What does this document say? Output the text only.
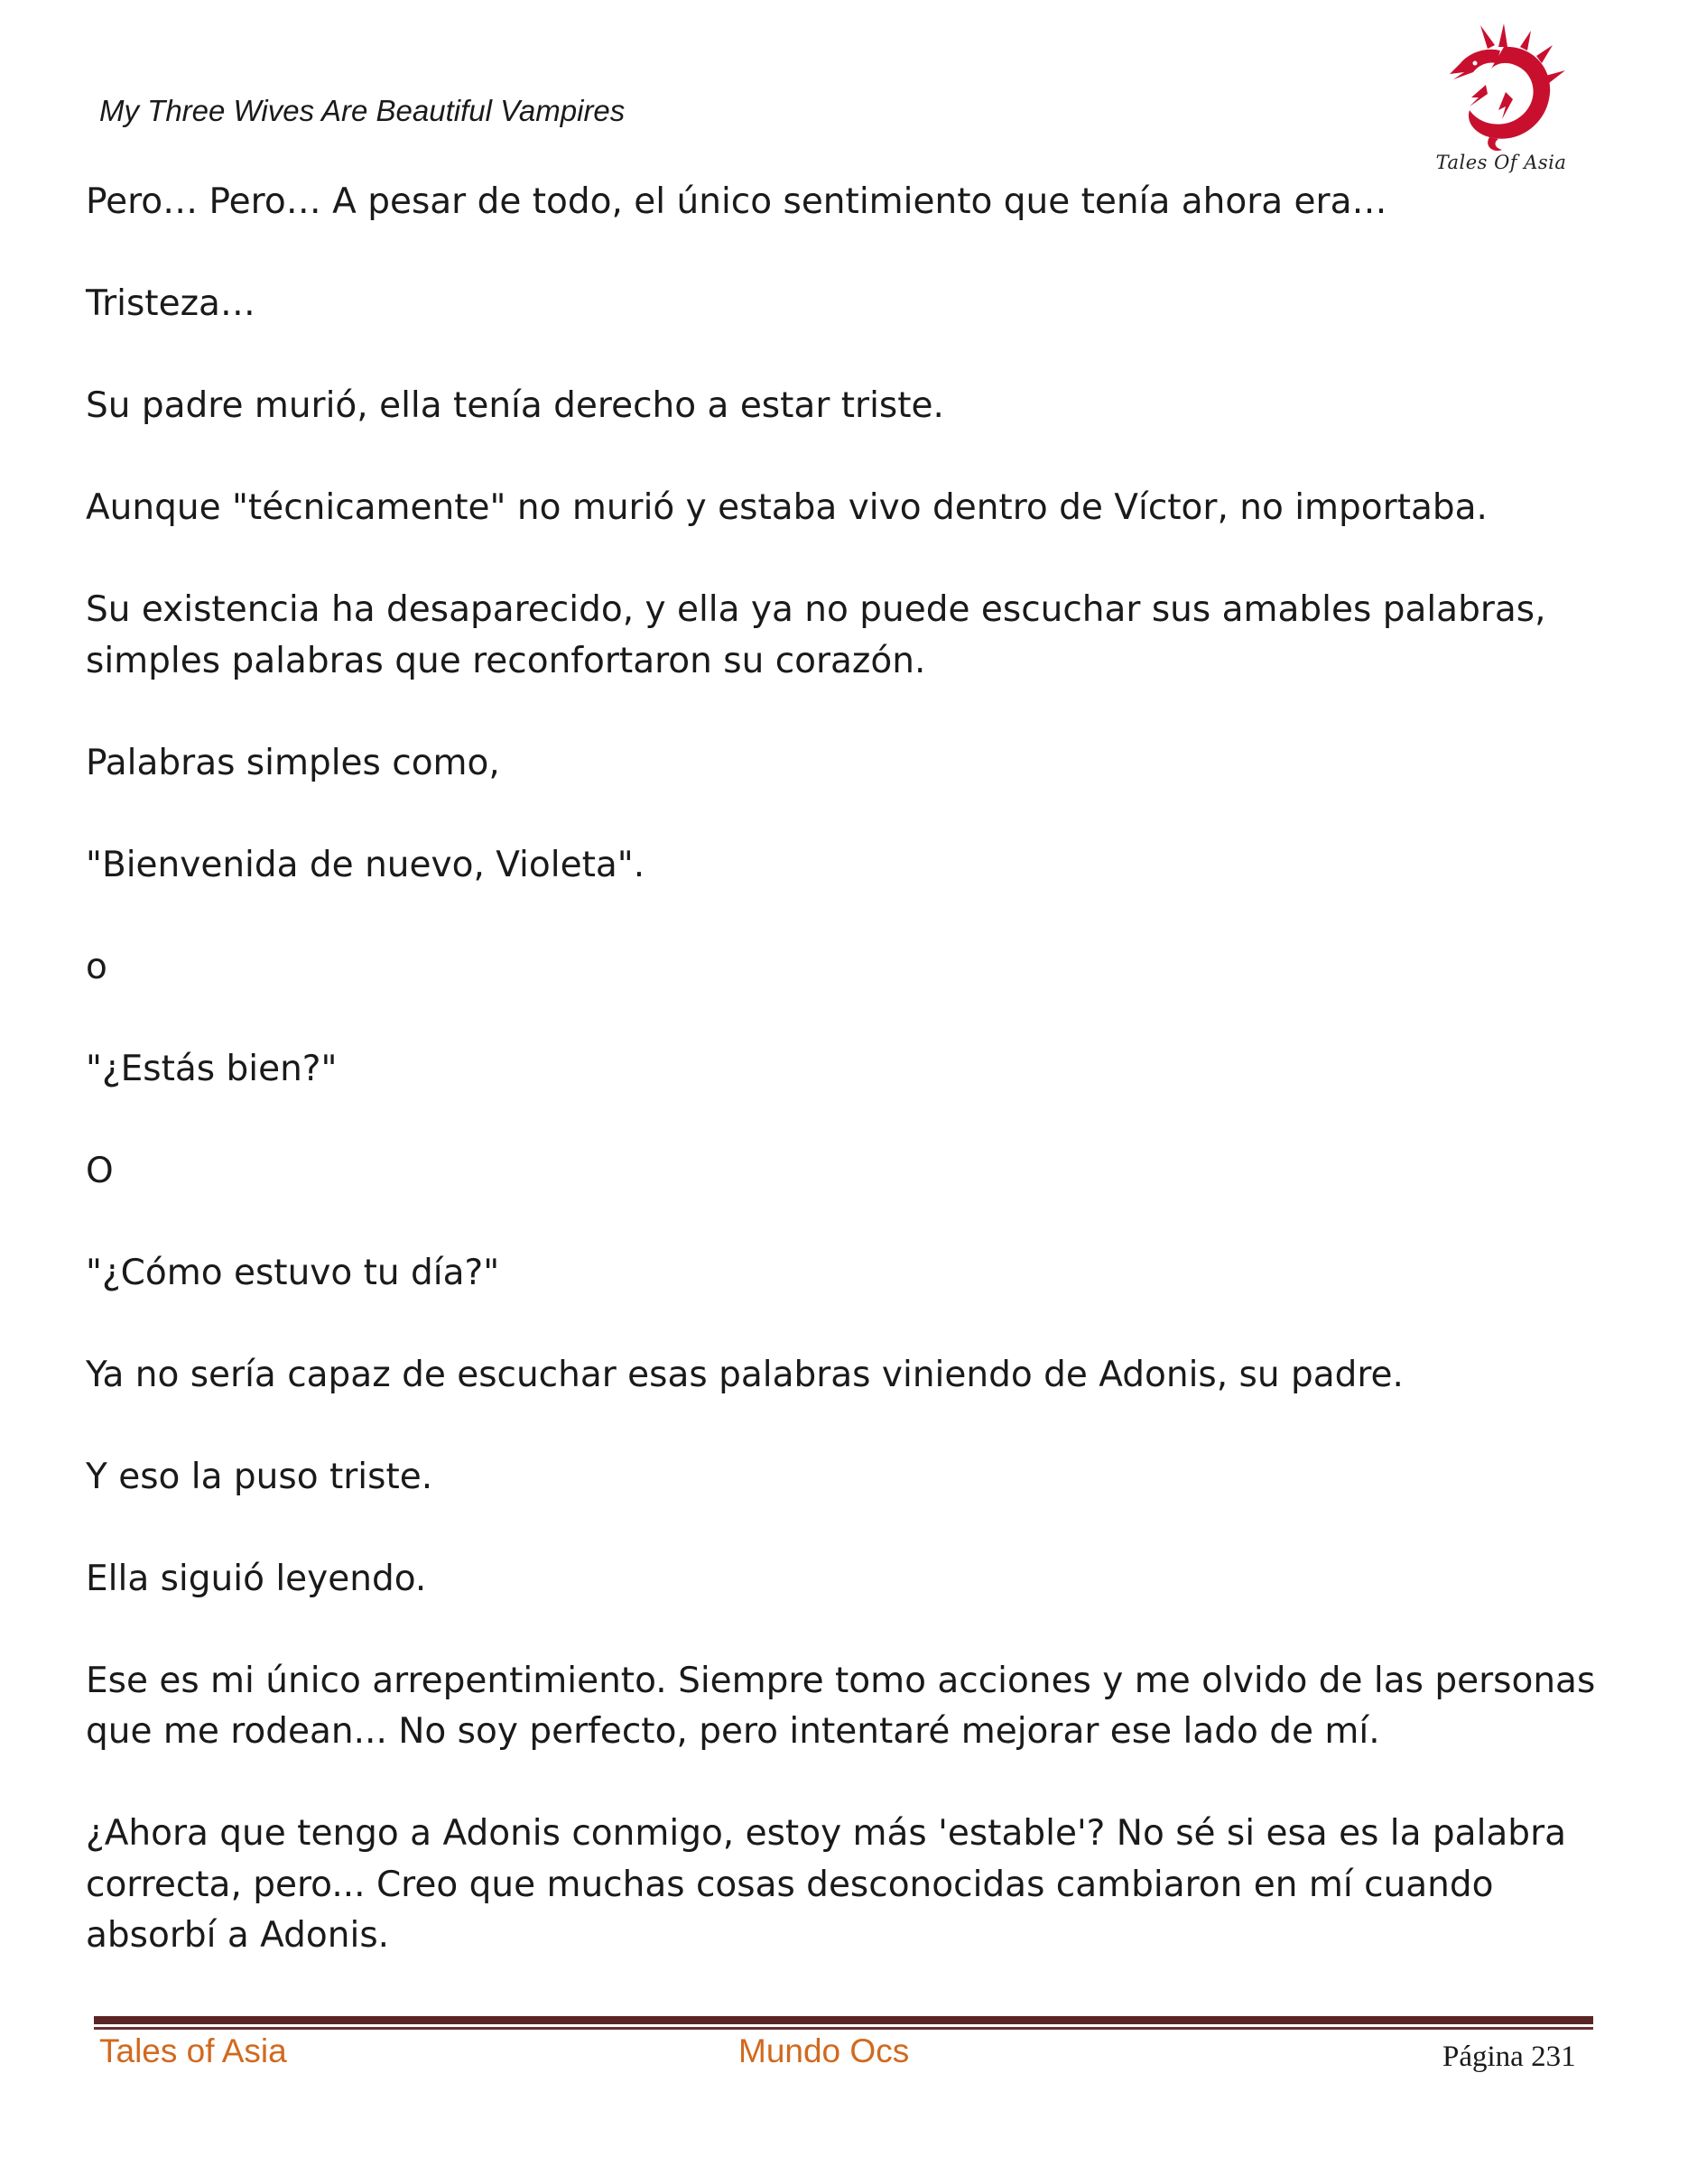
My Three Wives Are Beautiful Vampires
Tales Of Asia

Pero… Pero… A pesar de todo, el único sentimiento que tenía ahora era…

Tristeza…

Su padre murió, ella tenía derecho a estar triste.

Aunque "técnicamente" no murió y estaba vivo dentro de Víctor, no importaba.

Su existencia ha desaparecido, y ella ya no puede escuchar sus amables palabras, simples palabras que reconfortaron su corazón.

Palabras simples como,

"Bienvenida de nuevo, Violeta".

o

"¿Estás bien?"

O

"¿Cómo estuvo tu día?"

Ya no sería capaz de escuchar esas palabras viniendo de Adonis, su padre.

Y eso la puso triste.

Ella siguió leyendo.

Ese es mi único arrepentimiento. Siempre tomo acciones y me olvido de las personas que me rodean... No soy perfecto, pero intentaré mejorar ese lado de mí.

¿Ahora que tengo a Adonis conmigo, estoy más 'estable'? No sé si esa es la palabra correcta, pero... Creo que muchas cosas desconocidas cambiaron en mí cuando absorbí a Adonis.

Tales of Asia	Mundo Ocs	Página 231
